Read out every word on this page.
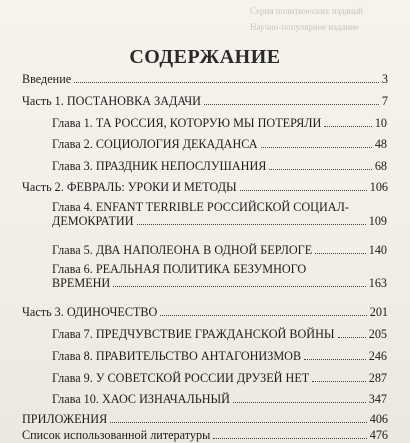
Серия политических изданий
Научно-популярное издание
СОДЕРЖАНИЕ
Введение	3
Часть 1. ПОСТАНОВКА ЗАДАЧИ	7
Глава 1. ТА РОССИЯ, КОТОРУЮ МЫ ПОТЕРЯЛИ	10
Глава 2. СОЦИОЛОГИЯ ДЕКАДАНСА	48
Глава 3. ПРАЗДНИК НЕПОСЛУШАНИЯ	68
Часть 2. ФЕВРАЛЬ: УРОКИ И МЕТОДЫ	106
Глава 4. ENFANT TERRIBLE РОССИЙСКОЙ СОЦИАЛ-
ДЕМОКРАТИИ	109
Глава 5. ДВА НАПОЛЕОНА В ОДНОЙ БЕРЛОГЕ	140
Глава 6. РЕАЛЬНАЯ ПОЛИТИКА БЕЗУМНОГО
ВРЕМЕНИ	163
Часть 3. ОДИНОЧЕСТВО	201
Глава 7. ПРЕДЧУВСТВИЕ ГРАЖДАНСКОЙ ВОЙНЫ	205
Глава 8. ПРАВИТЕЛЬСТВО АНТАГОНИЗМОВ	246
Глава 9. У СОВЕТСКОЙ РОССИИ ДРУЗЕЙ НЕТ	287
Глава 10. ХАОС ИЗНАЧАЛЬНЫЙ	347
ПРИЛОЖЕНИЯ	406
Список использованной литературы	476
